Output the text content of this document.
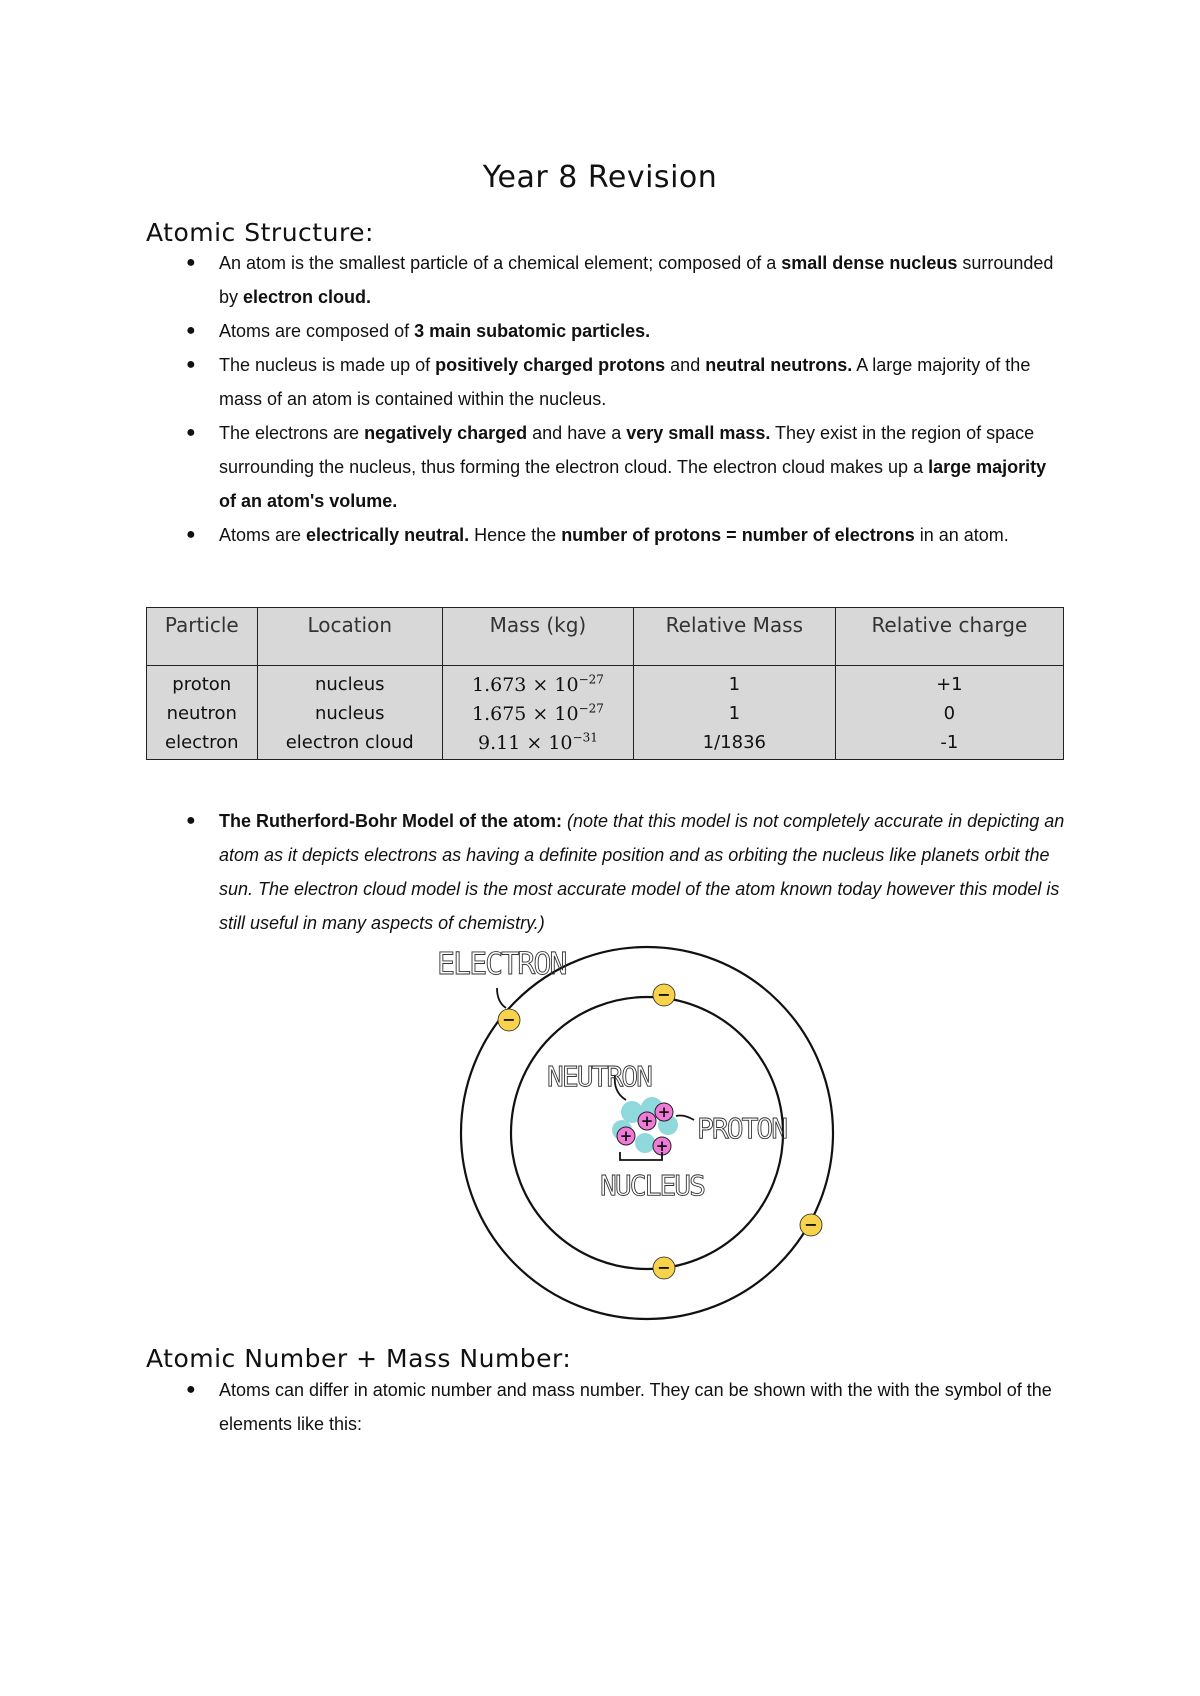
Year 8 Revision
Atomic Structure:
● An atom is the smallest particle of a chemical element; composed of a small dense nucleus surrounded by electron cloud.
● Atoms are composed of 3 main subatomic particles.
● The nucleus is made up of positively charged protons and neutral neutrons. A large majority of the mass of an atom is contained within the nucleus.
● The electrons are negatively charged and have a very small mass. They exist in the region of space surrounding the nucleus, thus forming the electron cloud. The electron cloud makes up a large majority of an atom's volume.
● Atoms are electrically neutral. Hence the number of protons = number of electrons in an atom.
Particle	Location	Mass (kg)	Relative Mass	Relative charge
proton	nucleus	$1.673 \times 10^{-27}$	1	+1
neutron	nucleus	$1.675 \times 10^{-27}$	1	0
electron	electron cloud	$9.11 \times 10^{-31}$	1/1836	-1
● The Rutherford-Bohr Model of the atom: (note that this model is not completely accurate in depicting an atom as it depicts electrons as having a definite position and as orbiting the nucleus like planets orbit the sun. The electron cloud model is the most accurate model of the atom known today however this model is still useful in many aspects of chemistry.)
+ +
+
+
−
−
−
−
ELECTRON
NEUTRON
PROTON
NUCLEUS
Atomic Number + Mass Number:
● Atoms can differ in atomic number and mass number. They can be shown with the with the symbol of the elements like this:
